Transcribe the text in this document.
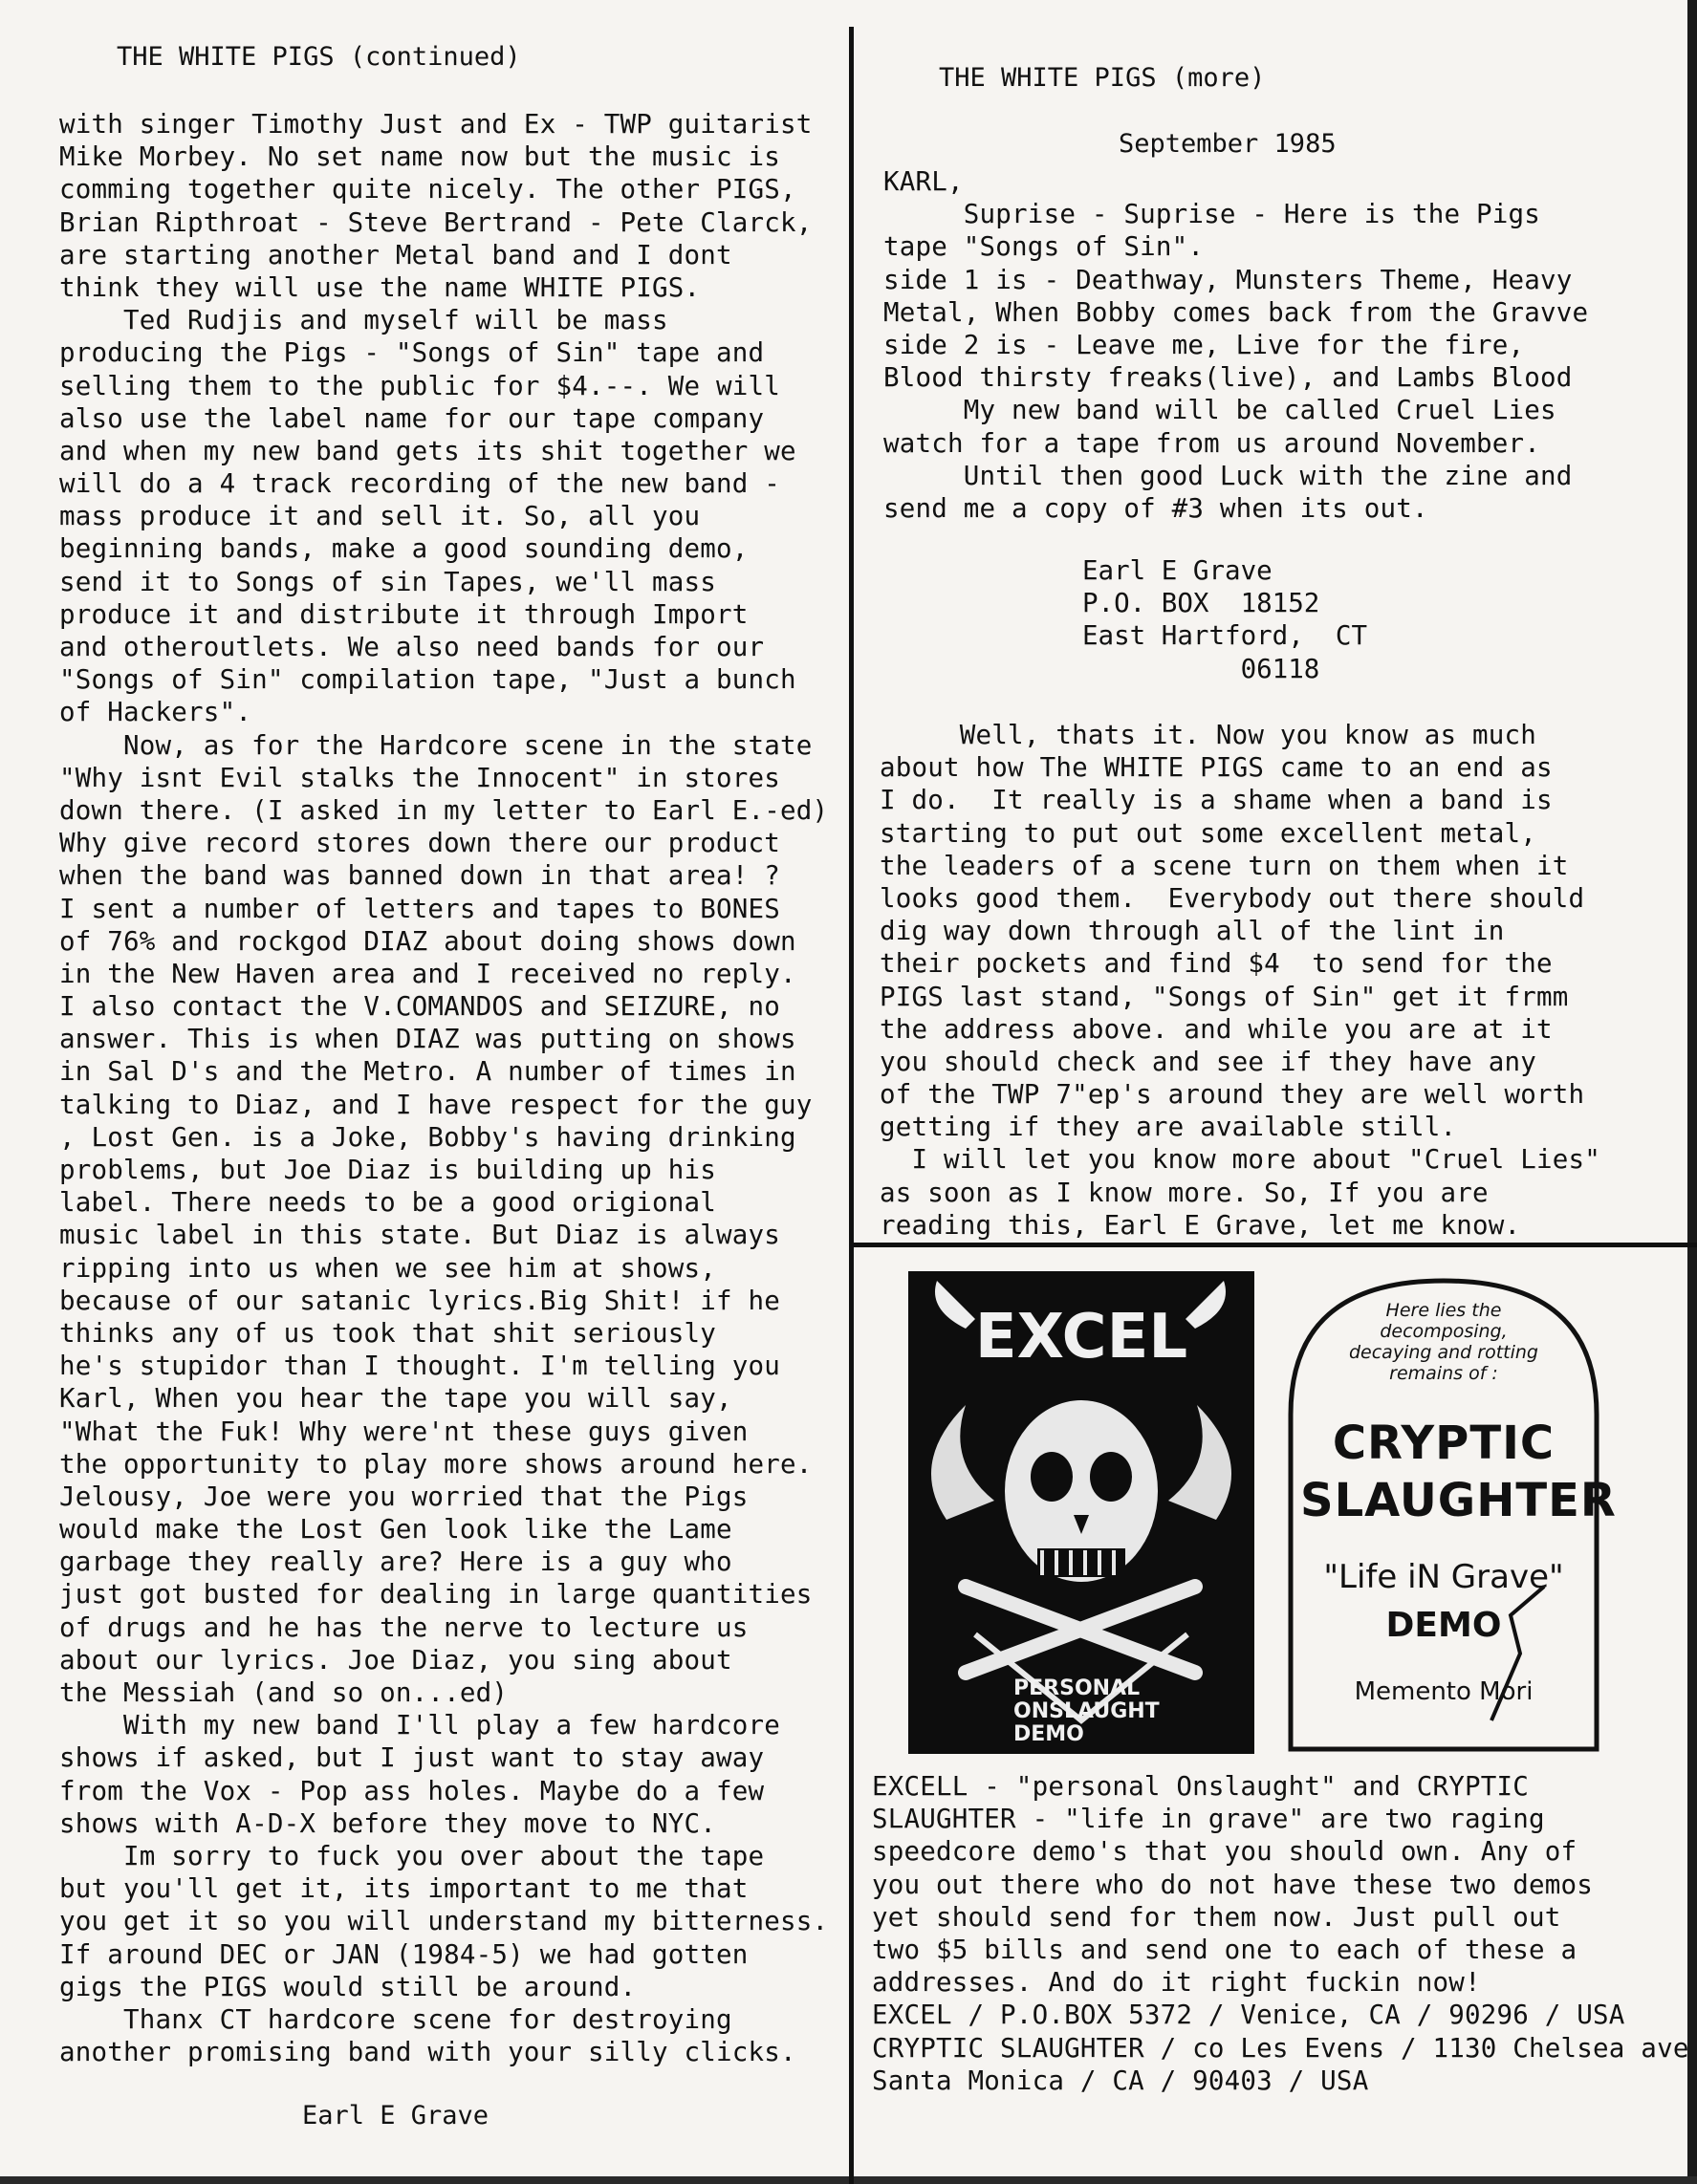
THE WHITE PIGS (continued)
with singer Timothy Just and Ex - TWP guitarist
Mike Morbey. No set name now but the music is
comming together quite nicely. The other PIGS,
Brian Ripthroat - Steve Bertrand - Pete Clarck,
are starting another Metal band and I dont
think they will use the name WHITE PIGS.
Ted Rudjis and myself will be mass
producing the Pigs - "Songs of Sin" tape and
selling them to the public for $4.--. We will
also use the label name for our tape company
and when my new band gets its shit together we
will do a 4 track recording of the new band -
mass produce it and sell it. So, all you
beginning bands, make a good sounding demo,
send it to Songs of sin Tapes, we'll mass
produce it and distribute it through Import
and otheroutlets. We also need bands for our
"Songs of Sin" compilation tape, "Just a bunch
of Hackers".
Now, as for the Hardcore scene in the state
"Why isnt Evil stalks the Innocent" in stores
down there. (I asked in my letter to Earl E.-ed)
Why give record stores down there our product
when the band was banned down in that area! ?
I sent a number of letters and tapes to BONES
of 76% and rockgod DIAZ about doing shows down
in the New Haven area and I received no reply.
I also contact the V.COMANDOS and SEIZURE, no
answer. This is when DIAZ was putting on shows
in Sal D's and the Metro. A number of times in
talking to Diaz, and I have respect for the guy
, Lost Gen. is a Joke, Bobby's having drinking
problems, but Joe Diaz is building up his
label. There needs to be a good origional
music label in this state. But Diaz is always
ripping into us when we see him at shows,
because of our satanic lyrics.Big Shit! if he
thinks any of us took that shit seriously
he's stupidor than I thought. I'm telling you
Karl, When you hear the tape you will say,
"What the Fuk! Why were'nt these guys given
the opportunity to play more shows around here.
Jelousy, Joe were you worried that the Pigs
would make the Lost Gen look like the Lame
garbage they really are? Here is a guy who
just got busted for dealing in large quantities
of drugs and he has the nerve to lecture us
about our lyrics. Joe Diaz, you sing about
the Messiah (and so on...ed)
With my new band I'll play a few hardcore
shows if asked, but I just want to stay away
from the Vox - Pop ass holes. Maybe do a few
shows with A-D-X before they move to NYC.
Im sorry to fuck you over about the tape
but you'll get it, its important to me that
you get it so you will understand my bitterness.
If around DEC or JAN (1984-5) we had gotten
gigs the PIGS would still be around.
Thanx CT hardcore scene for destroying
another promising band with your silly clicks.
Earl E Grave
THE WHITE PIGS (more)
September 1985
KARL,
Suprise - Suprise - Here is the Pigs
tape "Songs of Sin".
side 1 is - Deathway, Munsters Theme, Heavy
Metal, When Bobby comes back from the Gravve
side 2 is - Leave me, Live for the fire,
Blood thirsty freaks(live), and Lambs Blood
My new band will be called Cruel Lies
watch for a tape from us around November.
Until then good Luck with the zine and
send me a copy of #3 when its out.
Earl E Grave
P.O. BOX  18152
East Hartford,  CT
06118
Well, thats it. Now you know as much
about how The WHITE PIGS came to an end as
I do.  It really is a shame when a band is
starting to put out some excellent metal,
the leaders of a scene turn on them when it
looks good them.  Everybody out there should
dig way down through all of the lint in
their pockets and find $4  to send for the
PIGS last stand, "Songs of Sin" get it frmm
the address above. and while you are at it
you should check and see if they have any
of the TWP 7"ep's around they are well worth
getting if they are available still.
I will let you know more about "Cruel Lies"
as soon as I know more. So, If you are
reading this, Earl E Grave, let me know.
EXCEL
PERSONAL ONSLAUGHT DEMO
Here lies the decomposing, decaying and rotting remains of :
CRYPTIC SLAUGHTER
"Life iN Grave"
DEMO
Memento Mori
EXCELL - "personal Onslaught" and CRYPTIC
SLAUGHTER - "life in grave" are two raging
speedcore demo's that you should own. Any of
you out there who do not have these two demos
yet should send for them now. Just pull out
two $5 bills and send one to each of these a
addresses. And do it right fuckin now!
EXCEL / P.O.BOX 5372 / Venice, CA / 90296 / USA
CRYPTIC SLAUGHTER / co Les Evens / 1130 Chelsea ave
Santa Monica / CA / 90403 / USA
